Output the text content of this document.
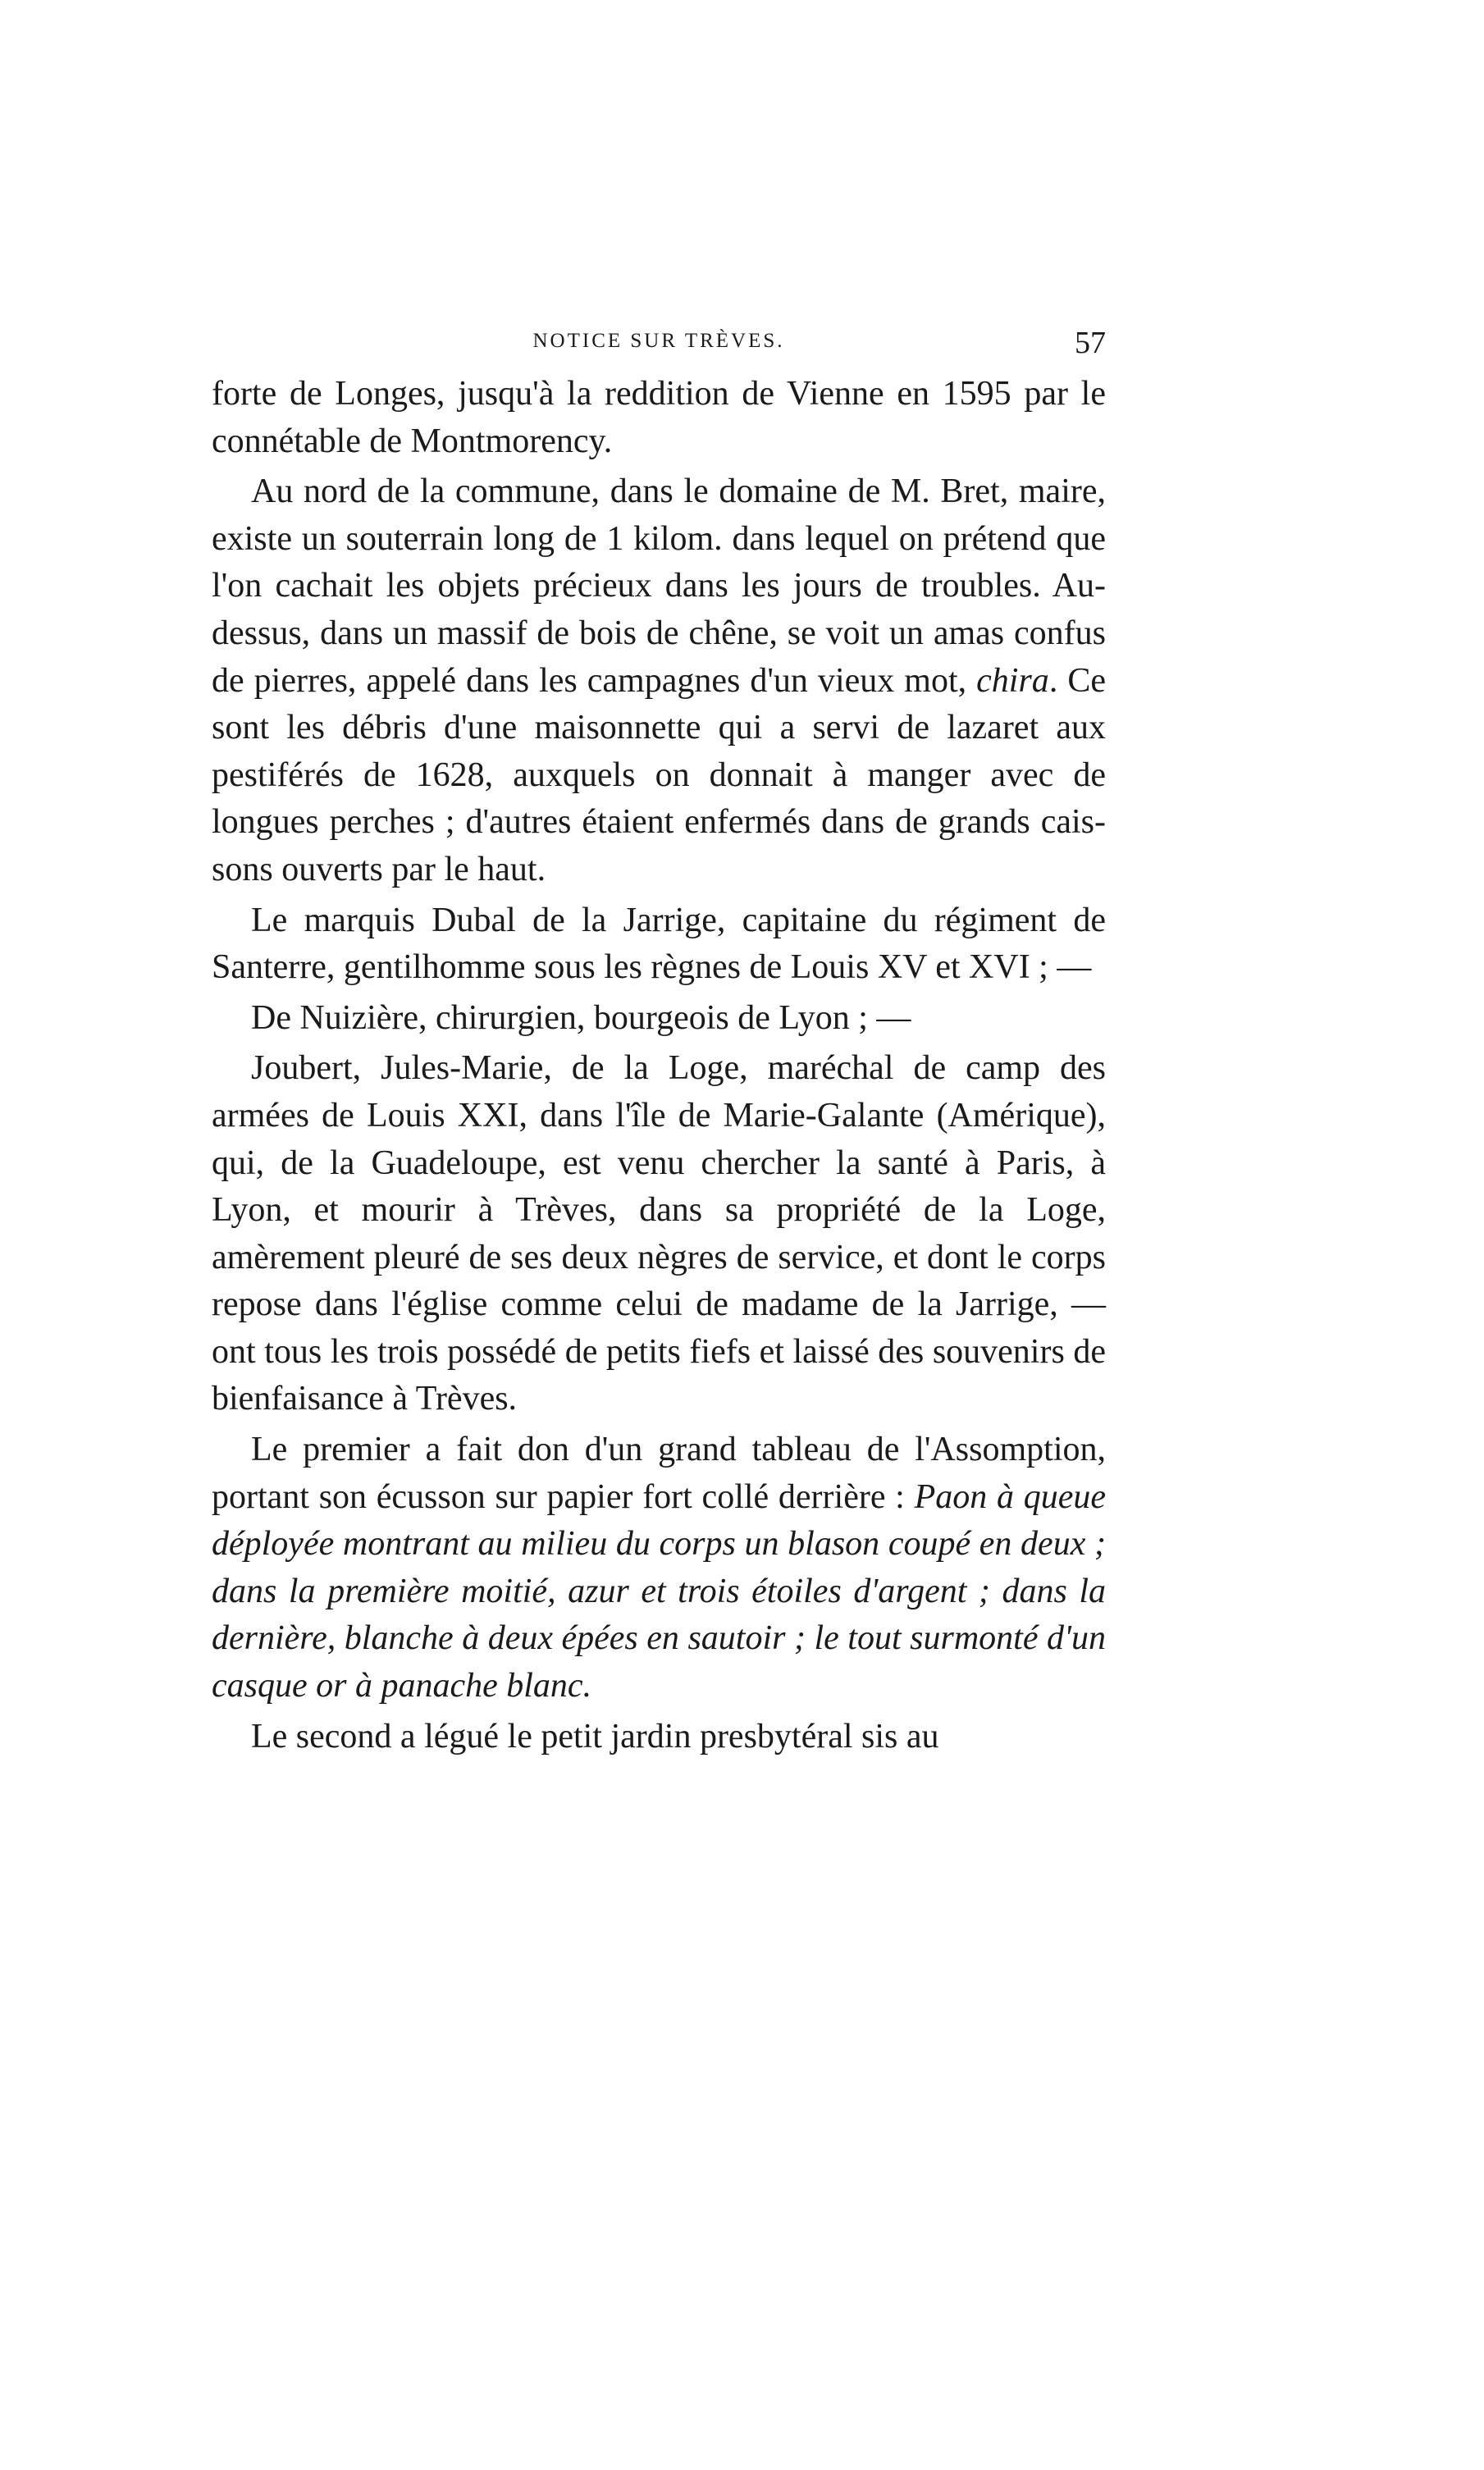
NOTICE SUR TRÈVES.	57

forte de Longes, jusqu'à la reddition de Vienne en 1595 par le connétable de Montmorency.

Au nord de la commune, dans le domaine de M. Bret, maire, existe un souterrain long de 1 kilom. dans lequel on prétend que l'on cachait les objets précieux dans les jours de troubles. Au-dessus, dans un massif de bois de chêne, se voit un amas confus de pierres, appelé dans les campagnes d'un vieux mot, chira. Ce sont les débris d'une maisonnette qui a servi de lazaret aux pestiférés de 1628, auxquels on donnait à manger avec de longues perches ; d'autres étaient enfermés dans de grands caissons ouverts par le haut.

Le marquis Dubal de la Jarrige, capitaine du régiment de Santerre, gentilhomme sous les règnes de Louis XV et XVI ; —

De Nuizière, chirurgien, bourgeois de Lyon ; —

Joubert, Jules-Marie, de la Loge, maréchal de camp des armées de Louis XXI, dans l'île de Marie-Galante (Amérique), qui, de la Guadeloupe, est venu chercher la santé à Paris, à Lyon, et mourir à Trèves, dans sa propriété de la Loge, amèrement pleuré de ses deux nègres de service, et dont le corps repose dans l'église comme celui de madame de la Jarrige, — ont tous les trois possédé de petits fiefs et laissé des souvenirs de bienfaisance à Trèves.

Le premier a fait don d'un grand tableau de l'Assomption, portant son écusson sur papier fort collé derrière : Paon à queue déployée montrant au milieu du corps un blason coupé en deux ; dans la première moitié, azur et trois étoiles d'argent ; dans la dernière, blanche à deux épées en sautoir ; le tout surmonté d'un casque or à panache blanc.

Le second a légué le petit jardin presbytéral sis au
